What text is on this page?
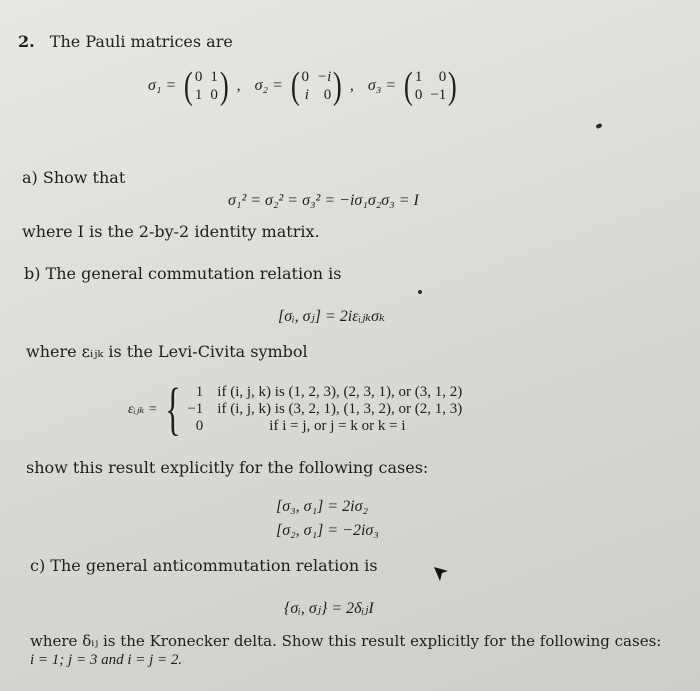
2. The Pauli matrices are
σ₁ = ( 0 1
1 0 ) , σ₂ = ( 0 −i
i 0 ) , σ₃ = ( 1	0
0 −1 )
a) Show that
σ₁² = σ₂² = σ₃² = −iσ₁σ₂σ₃ = I
where I is the 2-by-2 identity matrix.
b) The general commutation relation is
[σᵢ, σⱼ] = 2iεᵢⱼₖσₖ
where εᵢⱼₖ is the Levi-Civita symbol
εᵢⱼₖ = { 1 if (i, j, k) is (1, 2, 3), (2, 3, 1), or (3, 1, 2)
−1 if (i, j, k) is (3, 2, 1), (1, 3, 2), or (2, 1, 3)
0	if i = j, or j = k or k = i
show this result explicitly for the following cases:
[σ₃, σ₁] = 2iσ₂
[σ₂, σ₁] = −2iσ₃
c) The general anticommutation relation is
{σᵢ, σⱼ} = 2δᵢⱼI
where δᵢⱼ is the Kronecker delta. Show this result explicitly for the following cases:
i = 1; j = 3 and i = j = 2.
